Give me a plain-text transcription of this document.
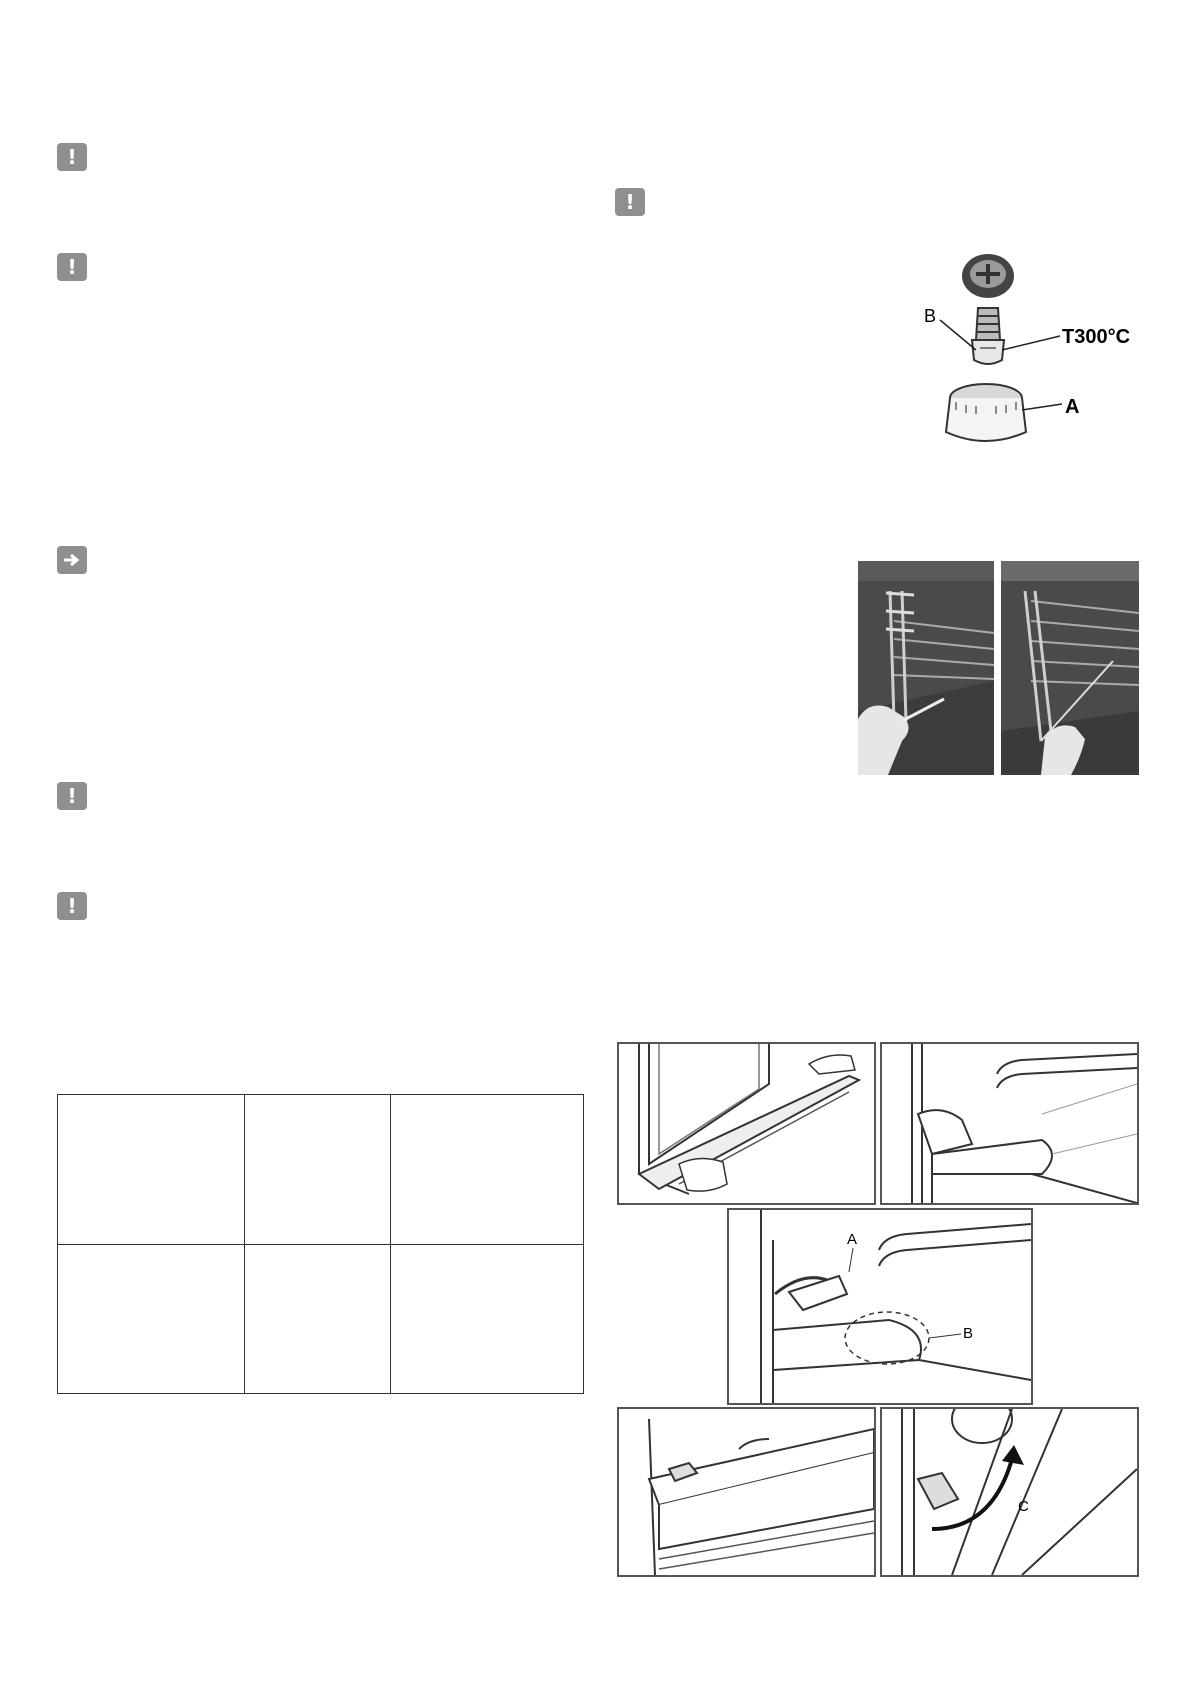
!
!
!
!
!
B
T300°C
A

A
B
C
